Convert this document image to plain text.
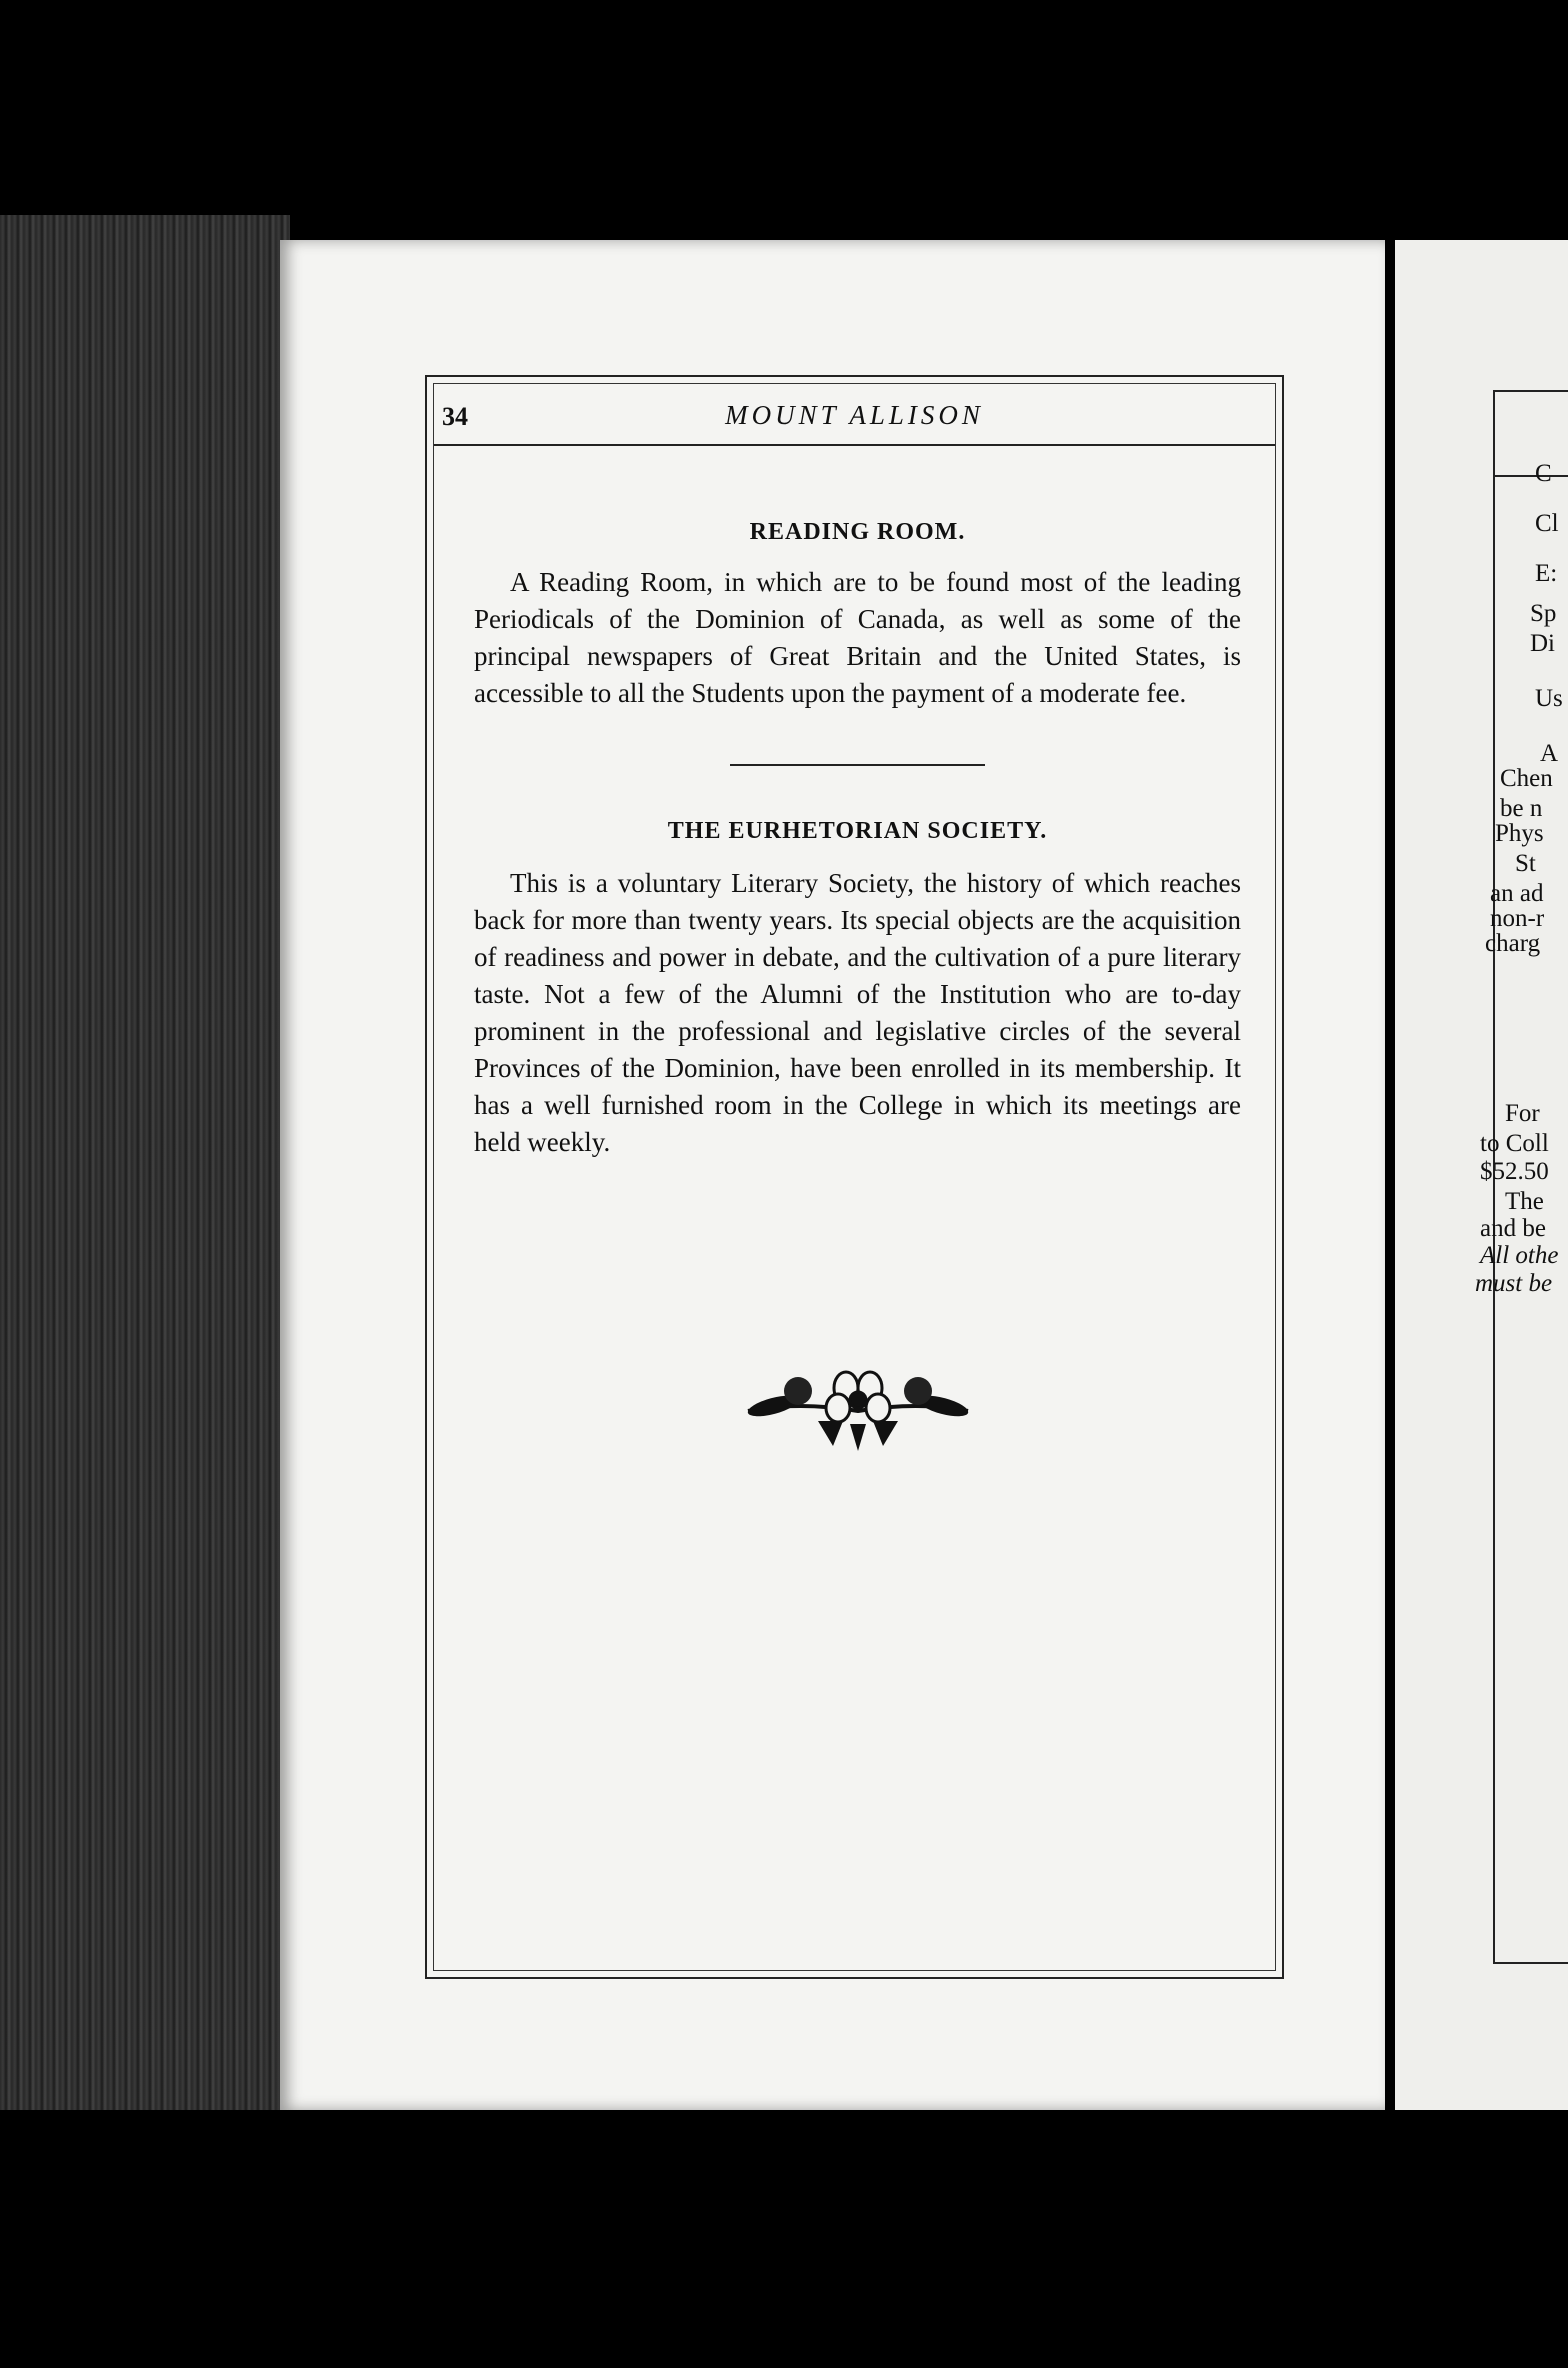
34	MOUNT ALLISON
READING ROOM.

A Reading Room, in which are to be found most of the leading Periodicals of the Dominion of Canada, as well as some of the principal newspapers of Great Britain and the United States, is accessible to all the Students upon the payment of a moderate fee.

THE EURHETORIAN SOCIETY.

This is a voluntary Literary Society, the history of which reaches back for more than twenty years. Its special objects are the acquisition of readiness and power in debate, and the cultivation of a pure literary taste. Not a few of the Alumni of the Institution who are to-day prominent in the professional and legislative circles of the several Provinces of the Dominion, have been enrolled in its membership. It has a well furnished room in the College in which its meetings are held weekly.

C
Cl
E:
Sp
Di
Us
A
Chen
be n
Phys
St
an ad
non-r
charg
For
to Coll
$52.50
The
and be
All othe
must be
